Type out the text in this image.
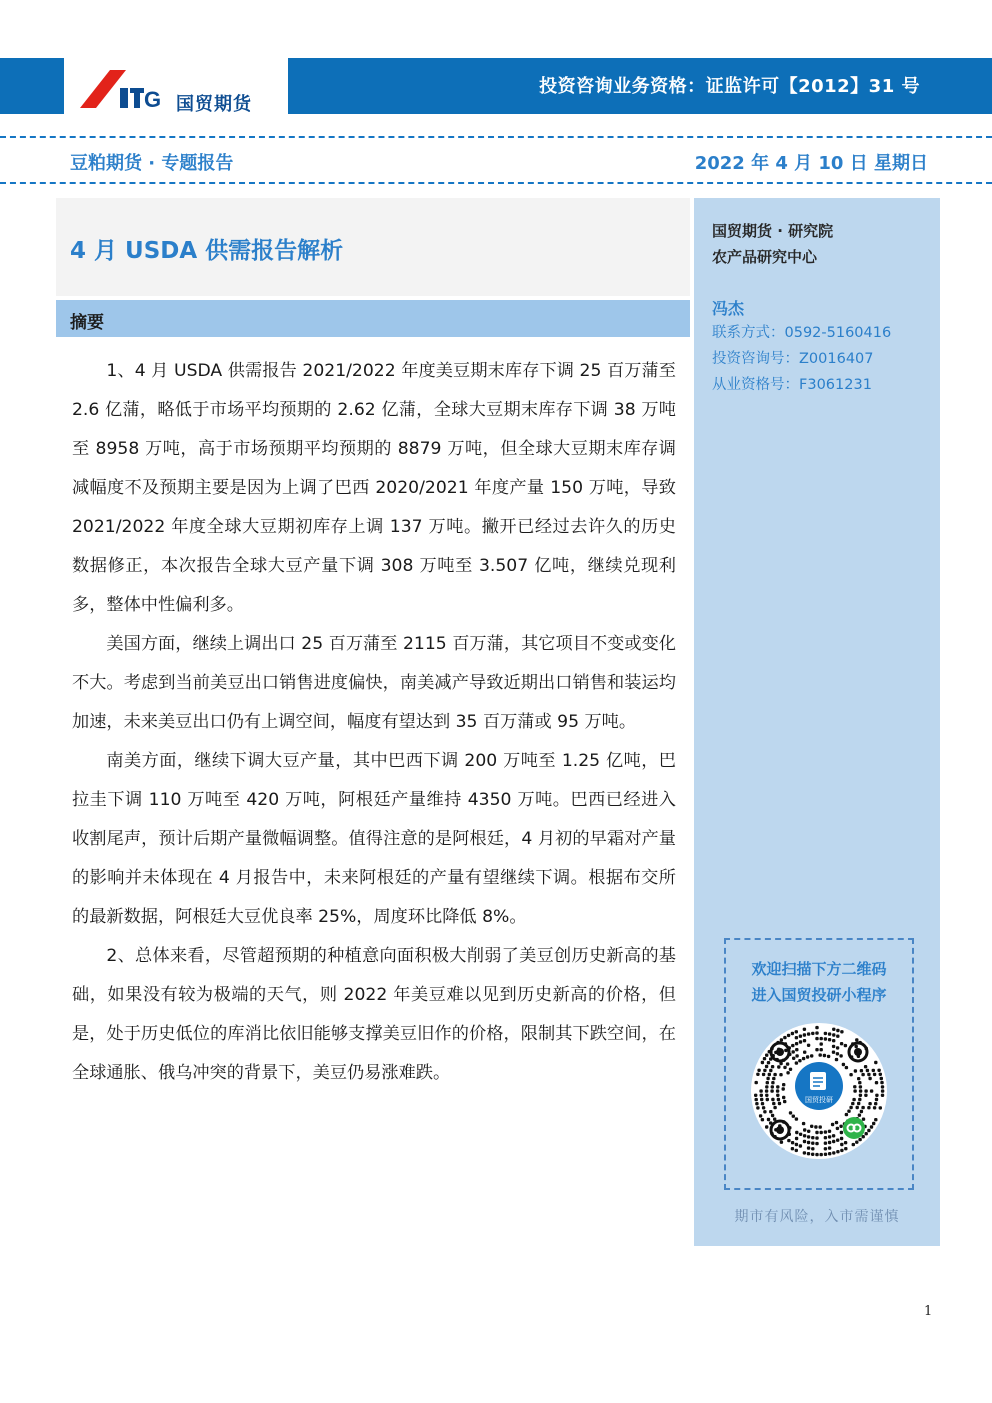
G 国贸期货
投资咨询业务资格：证监许可【2012】31 号
豆粕期货 · 专题报告	2022 年 4 月 10 日 星期日
4 月 USDA 供需报告解析
摘要

1、4 月 USDA 供需报告 2021/2022 年度美豆期末库存下调 25 百万蒲至 2.6 亿蒲，略低于市场平均预期的 2.62 亿蒲，全球大豆期末库存下调 38 万吨至 8958 万吨，高于市场预期平均预期的 8879 万吨，但全球大豆期末库存调减幅度不及预期主要是因为上调了巴西 2020/2021 年度产量 150 万吨，导致 2021/2022 年度全球大豆期初库存上调 137 万吨。撇开已经过去许久的历史数据修正，本次报告全球大豆产量下调 308 万吨至 3.507 亿吨，继续兑现利多，整体中性偏利多。

美国方面，继续上调出口 25 百万蒲至 2115 百万蒲，其它项目不变或变化不大。考虑到当前美豆出口销售进度偏快，南美减产导致近期出口销售和装运均加速，未来美豆出口仍有上调空间，幅度有望达到 35 百万蒲或 95 万吨。

南美方面，继续下调大豆产量，其中巴西下调 200 万吨至 1.25 亿吨，巴拉圭下调 110 万吨至 420 万吨，阿根廷产量维持 4350 万吨。巴西已经进入收割尾声，预计后期产量微幅调整。值得注意的是阿根廷，4 月初的早霜对产量的影响并未体现在 4 月报告中，未来阿根廷的产量有望继续下调。根据布交所的最新数据，阿根廷大豆优良率 25%，周度环比降低 8%。

2、总体来看，尽管超预期的种植意向面积极大削弱了美豆创历史新高的基础，如果没有较为极端的天气，则 2022 年美豆难以见到历史新高的价格，但是，处于历史低位的库消比依旧能够支撑美豆旧作的价格，限制其下跌空间，在全球通胀、俄乌冲突的背景下，美豆仍易涨难跌。

国贸期货 · 研究院
农产品研究中心
冯杰
联系方式：0592-5160416
投资咨询号：Z0016407
从业资格号：F3061231
欢迎扫描下方二维码
进入国贸投研小程序
国贸投研
期市有风险，入市需谨慎
1
